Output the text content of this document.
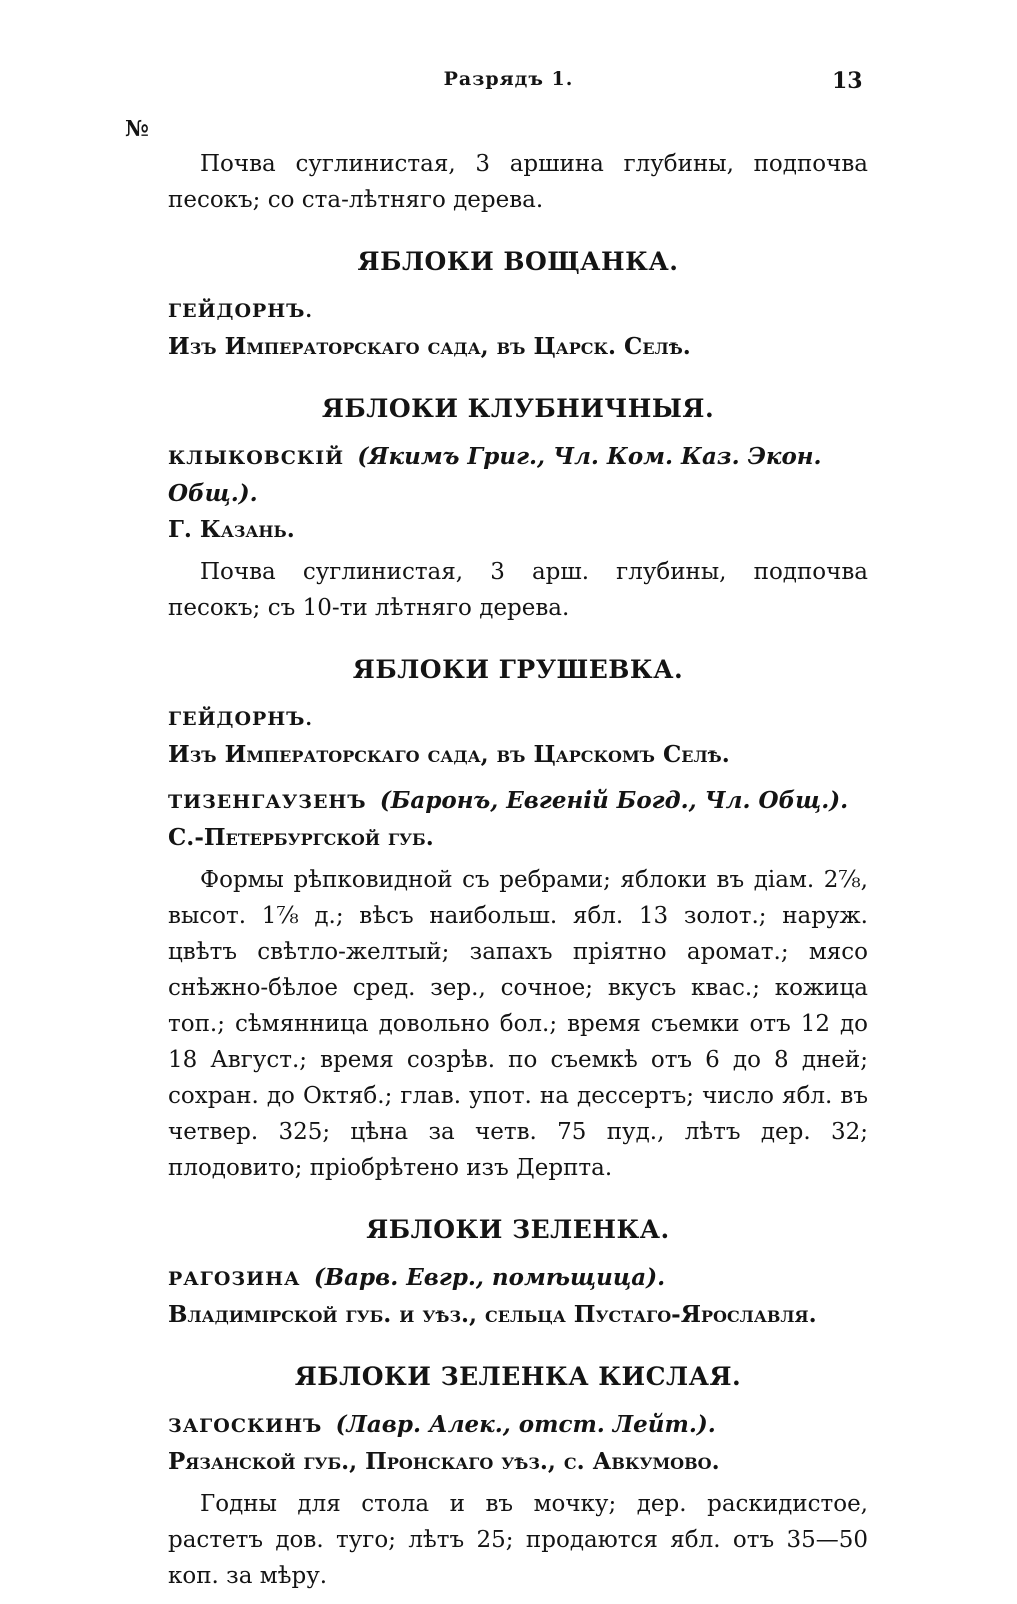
Разрядъ 1.	13
№

Почва суглинистая, 3 аршина глубины, подпочва песокъ; со ста-лѣтняго дерева.

ЯБЛОКИ ВОЩАНКА.

ГЕЙДОРНЪ.

Изъ Императорскаго сада, въ Царск. Селѣ.

ЯБЛОКИ КЛУБНИЧНЫЯ.

КЛЫКОВСКІЙ (Якимъ Григ., Чл. Ком. Каз. Экон. Общ.).

Г. Казань.

Почва суглинистая, 3 арш. глубины, подпочва песокъ; съ 10-ти лѣтняго дерева.

ЯБЛОКИ ГРУШЕВКА.

ГЕЙДОРНЪ.

Изъ Императорскаго сада, въ Царскомъ Селѣ.

ТИЗЕНГАУЗЕНЪ (Баронъ, Евгеній Богд., Чл. Общ.).

С.-Петербургской губ.

Формы рѣпковидной съ ребрами; яблоки въ діам. 2⅞, высот. 1⅞ д.; вѣсъ наибольш. ябл. 13 золот.; наруж. цвѣтъ свѣтло-желтый; запахъ пріятно аромат.; мясо снѣжно-бѣлое сред. зер., сочное; вкусъ квас.; кожица топ.; сѣмянница довольно бол.; время съемки отъ 12 до 18 Август.; время созрѣв. по съемкѣ отъ 6 до 8 дней; сохран. до Октяб.; глав. упот. на дессертъ; число ябл. въ четвер. 325; цѣна за четв. 75 пуд., лѣтъ дер. 32; плодовито; пріобрѣтено изъ Дерпта.

ЯБЛОКИ ЗЕЛЕНКА.

РАГОЗИНА (Варв. Евгр., помѣщица).

Владимірской губ. и уѣз., сельца Пустаго-Ярославля.

ЯБЛОКИ ЗЕЛЕНКА КИСЛАЯ.

ЗАГОСКИНЪ (Лавр. Алек., отст. Лейт.).

Рязанской губ., Пронскаго уѣз., с. Авкумово.

Годны для стола и въ мочку; дер. раскидистое, растетъ дов. туго; лѣтъ 25; продаются ябл. отъ 35—50 коп. за мѣру.
